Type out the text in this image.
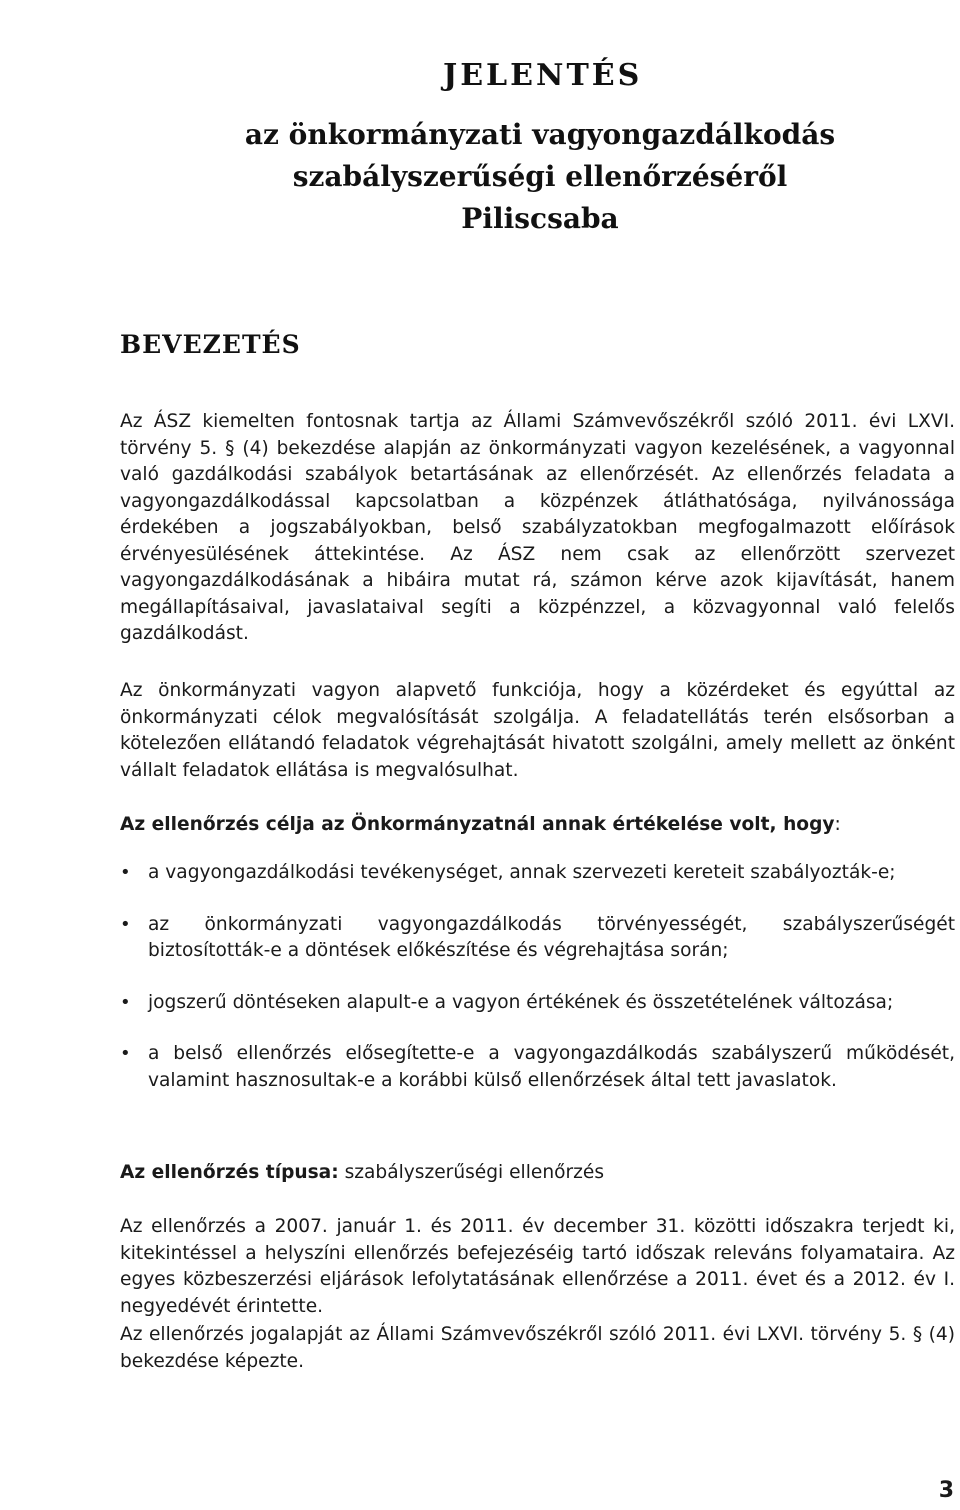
JELENTÉS
az önkormányzati vagyongazdálkodás
szabályszerűségi ellenőrzéséről
Piliscsaba
BEVEZETÉS

Az ÁSZ kiemelten fontosnak tartja az Állami Számvevőszékről szóló 2011. évi LXVI. törvény 5. § (4) bekezdése alapján az önkormányzati vagyon kezelésének, a vagyonnal való gazdálkodási szabályok betartásának az ellenőrzését. Az ellenőrzés feladata a vagyongazdálkodással kapcsolatban a közpénzek átláthatósága, nyilvánossága érdekében a jogszabályokban, belső szabályzatokban megfogalmazott előírások érvényesülésének áttekintése. Az ÁSZ nem csak az ellenőrzött szervezet vagyongazdálkodásának a hibáira mutat rá, számon kérve azok kijavítását, hanem megállapításaival, javaslataival segíti a közpénzzel, a közvagyonnal való felelős gazdálkodást.

Az önkormányzati vagyon alapvető funkciója, hogy a közérdeket és egyúttal az önkormányzati célok megvalósítását szolgálja. A feladatellátás terén elsősorban a kötelezően ellátandó feladatok végrehajtását hivatott szolgálni, amely mellett az önként vállalt feladatok ellátása is megvalósulhat.

Az ellenőrzés célja az Önkormányzatnál annak értékelése volt, hogy:
• a vagyongazdálkodási tevékenységet, annak szervezeti kereteit szabályozták-e;
• az önkormányzati vagyongazdálkodás törvényességét, szabályszerűségét biztosították-e a döntések előkészítése és végrehajtása során;
• jogszerű döntéseken alapult-e a vagyon értékének és összetételének változása;
• a belső ellenőrzés elősegítette-e a vagyongazdálkodás szabályszerű működését, valamint hasznosultak-e a korábbi külső ellenőrzések által tett javaslatok.
Az ellenőrzés típusa: szabályszerűségi ellenőrzés

Az ellenőrzés a 2007. január 1. és 2011. év december 31. közötti időszakra terjedt ki, kitekintéssel a helyszíni ellenőrzés befejezéséig tartó időszak releváns folyamataira. Az egyes közbeszerzési eljárások lefolytatásának ellenőrzése a 2011. évet és a 2012. év I. negyedévét érintette.

Az ellenőrzés jogalapját az Állami Számvevőszékről szóló 2011. évi LXVI. törvény 5. § (4) bekezdése képezte.

3
